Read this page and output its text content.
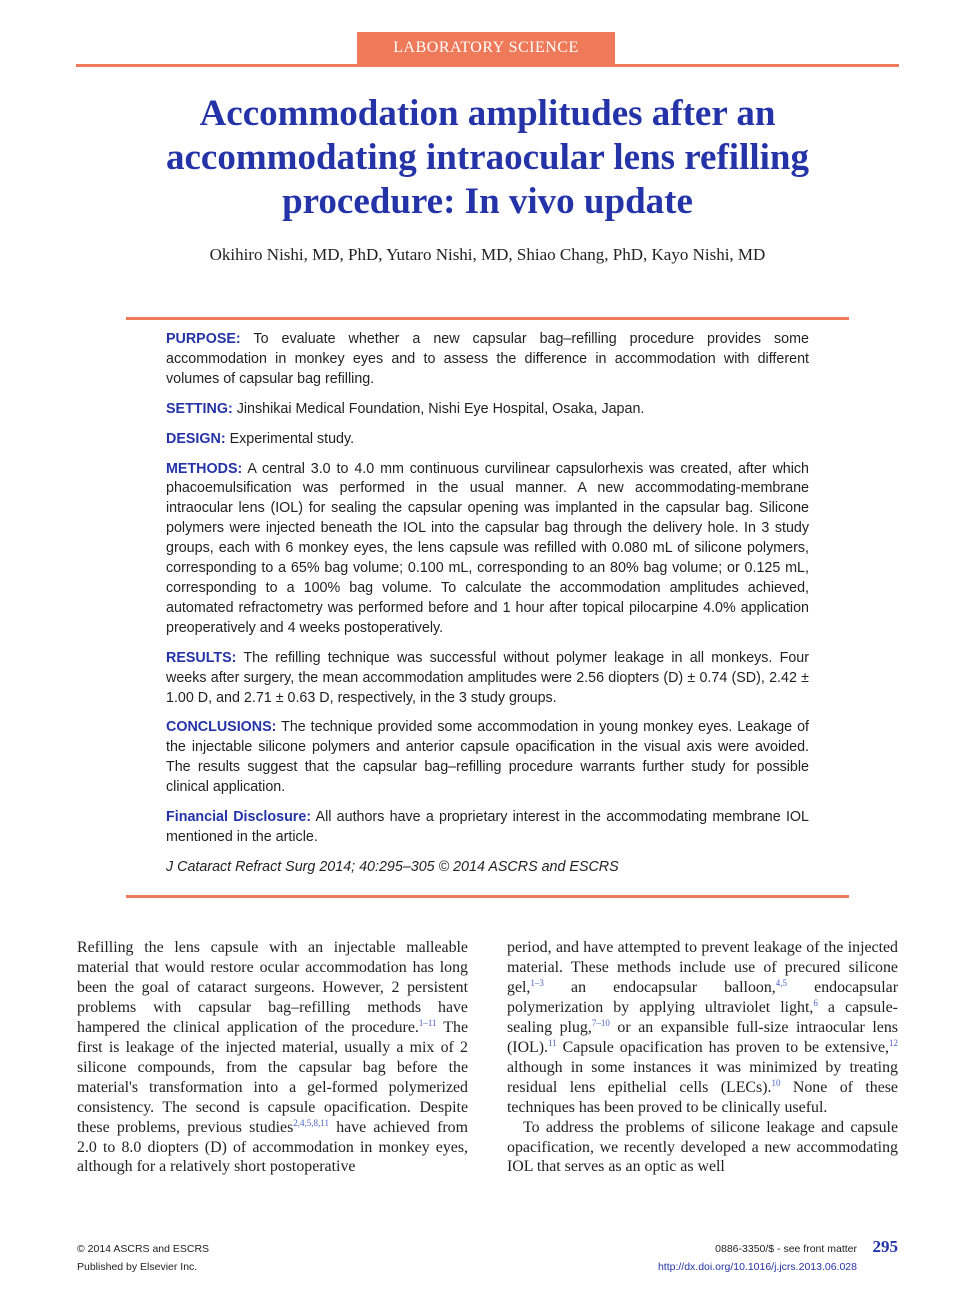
LABORATORY SCIENCE
Accommodation amplitudes after an accommodating intraocular lens refilling procedure: In vivo update

Okihiro Nishi, MD, PhD, Yutaro Nishi, MD, Shiao Chang, PhD, Kayo Nishi, MD

PURPOSE: To evaluate whether a new capsular bag–refilling procedure provides some accommodation in monkey eyes and to assess the difference in accommodation with different volumes of capsular bag refilling.

SETTING: Jinshikai Medical Foundation, Nishi Eye Hospital, Osaka, Japan.

DESIGN: Experimental study.

METHODS: A central 3.0 to 4.0 mm continuous curvilinear capsulorhexis was created, after which phacoemulsification was performed in the usual manner. A new accommodating-membrane intraocular lens (IOL) for sealing the capsular opening was implanted in the capsular bag. Silicone polymers were injected beneath the IOL into the capsular bag through the delivery hole. In 3 study groups, each with 6 monkey eyes, the lens capsule was refilled with 0.080 mL of silicone polymers, corresponding to a 65% bag volume; 0.100 mL, corresponding to an 80% bag volume; or 0.125 mL, corresponding to a 100% bag volume. To calculate the accommodation amplitudes achieved, automated refractometry was performed before and 1 hour after topical pilocarpine 4.0% application preoperatively and 4 weeks postoperatively.

RESULTS: The refilling technique was successful without polymer leakage in all monkeys. Four weeks after surgery, the mean accommodation amplitudes were 2.56 diopters (D) ± 0.74 (SD), 2.42 ± 1.00 D, and 2.71 ± 0.63 D, respectively, in the 3 study groups.

CONCLUSIONS: The technique provided some accommodation in young monkey eyes. Leakage of the injectable silicone polymers and anterior capsule opacification in the visual axis were avoided. The results suggest that the capsular bag–refilling procedure warrants further study for possible clinical application.

Financial Disclosure: All authors have a proprietary interest in the accommodating membrane IOL mentioned in the article.

J Cataract Refract Surg 2014; 40:295–305 © 2014 ASCRS and ESCRS

Refilling the lens capsule with an injectable malleable material that would restore ocular accommodation has long been the goal of cataract surgeons. However, 2 persistent problems with capsular bag–refilling methods have hampered the clinical application of the procedure.$^{1-11}$ The first is leakage of the injected material, usually a mix of 2 silicone compounds, from the capsular bag before the material's transformation into a gel-formed polymerized consistency. The second is capsule opacification. Despite these problems, previous studies$^{2,4,5,8,11}$ have achieved from 2.0 to 8.0 diopters (D) of accommodation in monkey eyes, although for a relatively short postoperative

period, and have attempted to prevent leakage of the injected material. These methods include use of precured silicone gel,$^{1-3}$ an endocapsular balloon,$^{4,5}$ endocapsular polymerization by applying ultraviolet light,$^6$ a capsule-sealing plug,$^{7-10}$ or an expansible full-size intraocular lens (IOL).$^{11}$ Capsule opacification has proven to be extensive,$^{12}$ although in some instances it was minimized by treating residual lens epithelial cells (LECs).$^{10}$ None of these techniques has been proved to be clinically useful.

To address the problems of silicone leakage and capsule opacification, we recently developed a new accommodating IOL that serves as an optic as well

© 2014 ASCRS and ESCRS
Published by Elsevier Inc.
0886-3350/$ - see front matter
http://dx.doi.org/10.1016/j.jcrs.2013.06.028
295
